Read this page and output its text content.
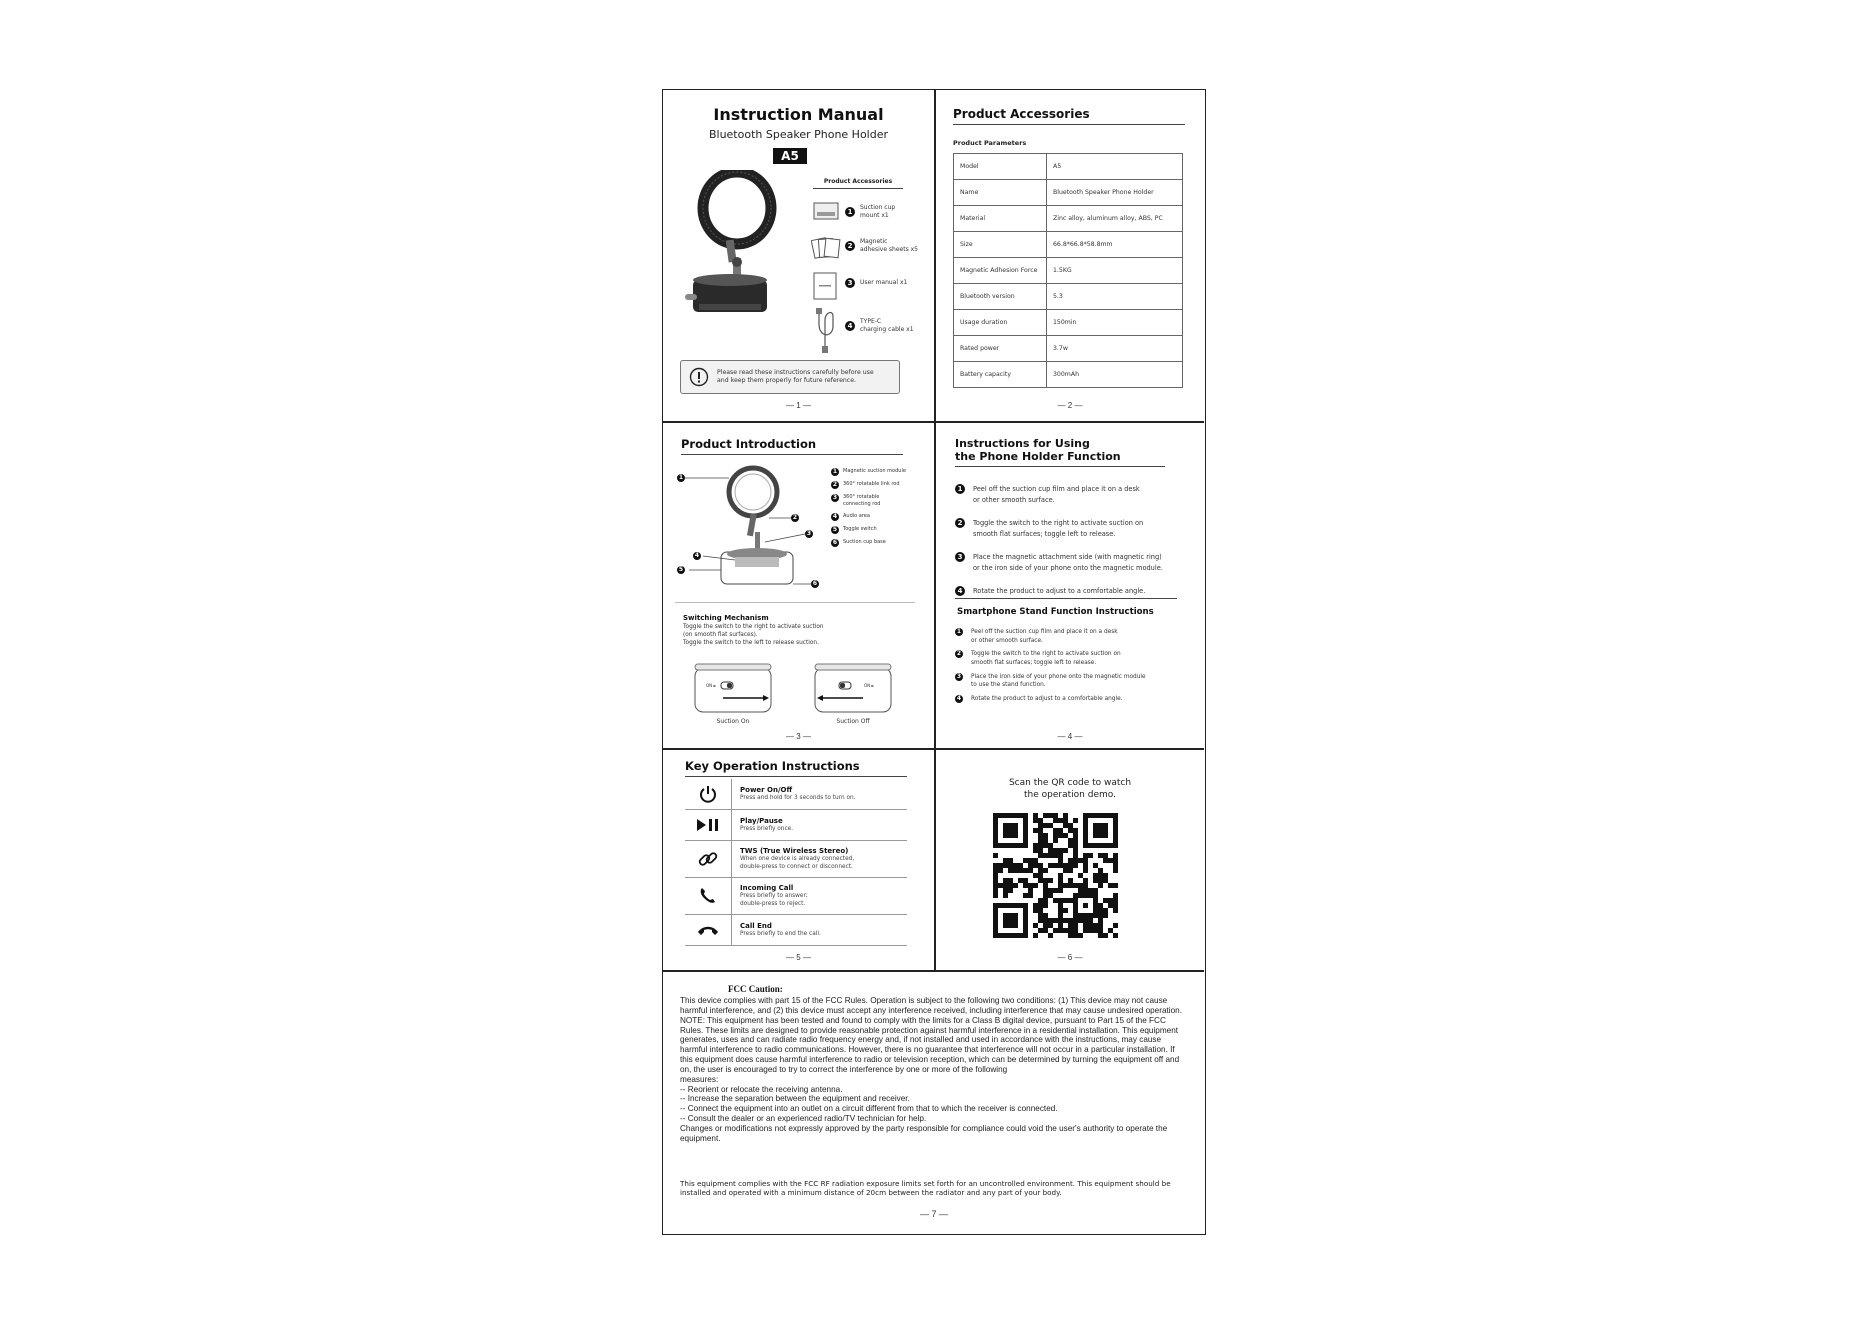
Instruction Manual
Bluetooth Speaker Phone Holder
A5
Product Accessories
1
Suction cup
mount x1
2
Magnetic
adhesive sheets x5
3	User manual x1
4
TYPE-C
charging cable x1
Please read these instructions carefully before use
and keep them properly for future reference.
— 1 —
Product Accessories
Product Parameters
Model	A5
Name	Bluetooth Speaker Phone Holder
Material	Zinc alloy, aluminum alloy, ABS, PC
Size	66.8*66.8*58.8mm
Magnetic Adhesion Force	1.5KG
Bluetooth version	5.3
Usage duration	150min
Rated power	3.7w
Battery capacity	300mAh
— 2 —
Product Introduction
1
2
3
4
5
6
1	Magnetic suction module
2	360° rotatable link rod
3	360° rotatable
connecting rod
4	Audio area
5	Toggle switch
6	Suction cup base
Switching Mechanism
Toggle the switch to the right to activate suction
(on smooth flat surfaces).
Toggle the switch to the left to release suction.
ON ►	ON ►
Suction On	Suction Off
— 3 —
Instructions for Using
the Phone Holder Function
1	Peel off the suction cup film and place it on a desk
or other smooth surface.
2	Toggle the switch to the right to activate suction on
smooth flat surfaces; toggle left to release.
3	Place the magnetic attachment side (with magnetic ring)
or the iron side of your phone onto the magnetic module.
4	Rotate the product to adjust to a comfortable angle.
Smartphone Stand Function Instructions
1	Peel off the suction cup film and place it on a desk
or other smooth surface.
2	Toggle the switch to the right to activate suction on
smooth flat surfaces; toggle left to release.
3	Place the iron side of your phone onto the magnetic module
to use the stand function.
4	Rotate the product to adjust to a comfortable angle.
— 4 —
Key Operation Instructions
Power On/Off
Press and hold for 3 seconds to turn on.
Play/Pause
Press briefly once.
TWS (True Wireless Stereo)
When one device is already connected,
double-press to connect or disconnect.
Incoming Call
Press briefly to answer;
double-press to reject.
Call End
Press briefly to end the call.
— 5 —
Scan the QR code to watch
the operation demo.
— 6 —
FCC Caution:
This device complies with part 15 of the FCC Rules. Operation is subject to the following two conditions: (1) This device may not cause harmful interference, and (2) this device must accept any interference received, including interference that may cause undesired operation.
NOTE: This equipment has been tested and found to comply with the limits for a Class B digital device, pursuant to Part 15 of the FCC Rules. These limits are designed to provide reasonable protection against harmful interference in a residential installation. This equipment generates, uses and can radiate radio frequency energy and, if not installed and used in accordance with the instructions, may cause harmful interference to radio communications. However, there is no guarantee that interference will not occur in a particular installation. If this equipment does cause harmful interference to radio or television reception, which can be determined by turning the equipment off and on, the user is encouraged to try to correct the interference by one or more of the following
measures:
-- Reorient or relocate the receiving antenna.
-- Increase the separation between the equipment and receiver.
-- Connect the equipment into an outlet on a circuit different from that to which the receiver is connected.
-- Consult the dealer or an experienced radio/TV technician for help.
Changes or modifications not expressly approved by the party responsible for compliance could void the user's authority to operate the equipment.
This equipment complies with the FCC RF radiation exposure limits set forth for an uncontrolled environment. This equipment should be installed and operated with a minimum distance of 20cm between the radiator and any part of your body.
— 7 —
